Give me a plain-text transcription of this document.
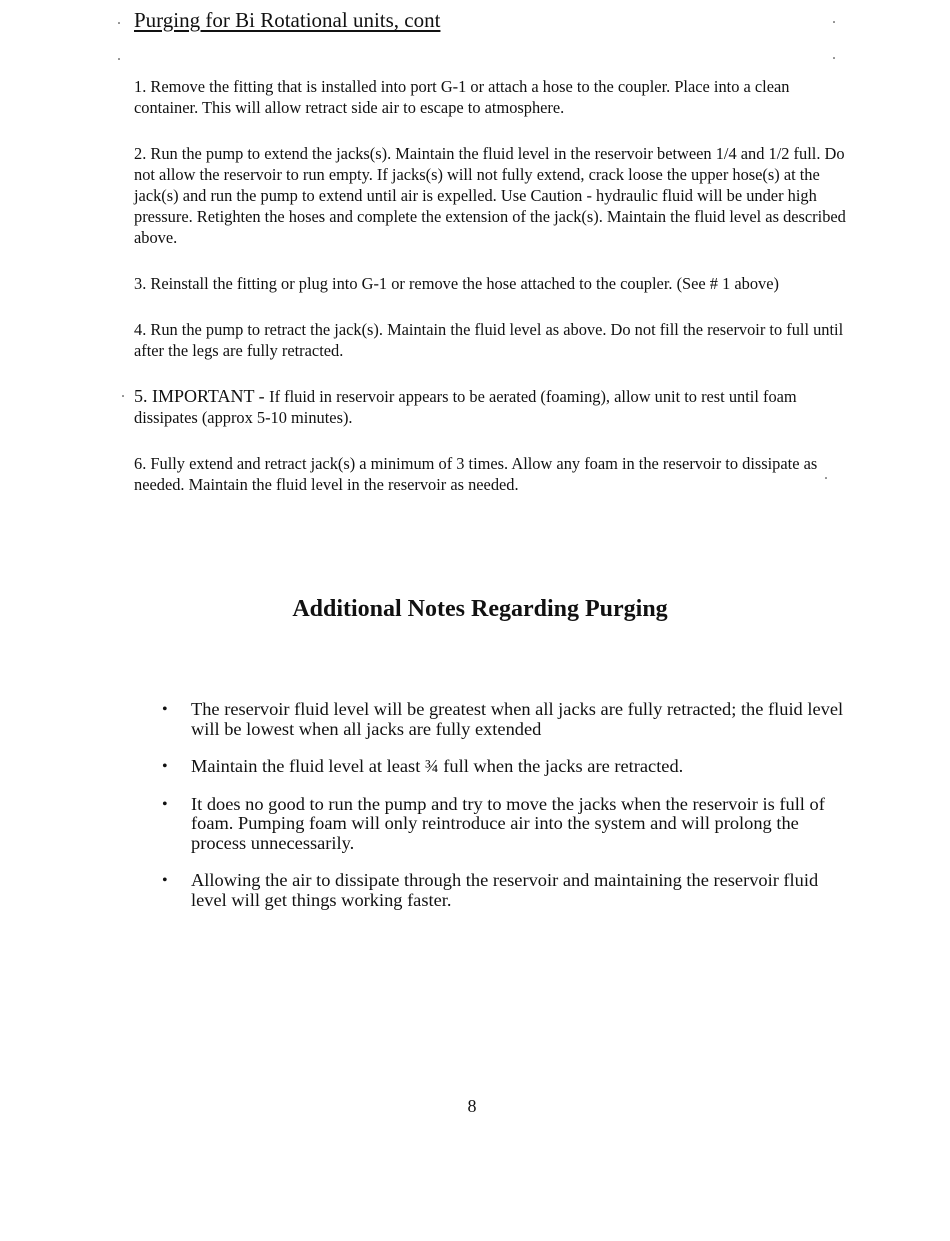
Purging for Bi Rotational units, cont

1. Remove the fitting that is installed into port G-1 or attach a hose to the coupler. Place into a clean container. This will allow retract side air to escape to atmosphere.

2. Run the pump to extend the jacks(s). Maintain the fluid level in the reservoir between 1/4 and 1/2 full. Do not allow the reservoir to run empty. If jacks(s) will not fully extend, crack loose the upper hose(s) at the jack(s) and run the pump to extend until air is expelled. Use Caution - hydraulic fluid will be under high pressure. Retighten the hoses and complete the extension of the jack(s). Maintain the fluid level as described above.

3. Reinstall the fitting or plug into G-1 or remove the hose attached to the coupler. (See # 1 above)

4. Run the pump to retract the jack(s). Maintain the fluid level as above. Do not fill the reservoir to full until after the legs are fully retracted.

5. IMPORTANT - If fluid in reservoir appears to be aerated (foaming), allow unit to rest until foam dissipates (approx 5-10 minutes).

6. Fully extend and retract jack(s) a minimum of 3 times. Allow any foam in the reservoir to dissipate as needed. Maintain the fluid level in the reservoir as needed.

Additional Notes Regarding Purging
• The reservoir fluid level will be greatest when all jacks are fully retracted; the fluid level will be lowest when all jacks are fully extended
• Maintain the fluid level at least ¾ full when the jacks are retracted.
• It does no good to run the pump and try to move the jacks when the reservoir is full of foam. Pumping foam will only reintroduce air into the system and will prolong the process unnecessarily.
• Allowing the air to dissipate through the reservoir and maintaining the reservoir fluid level will get things working faster.
8
